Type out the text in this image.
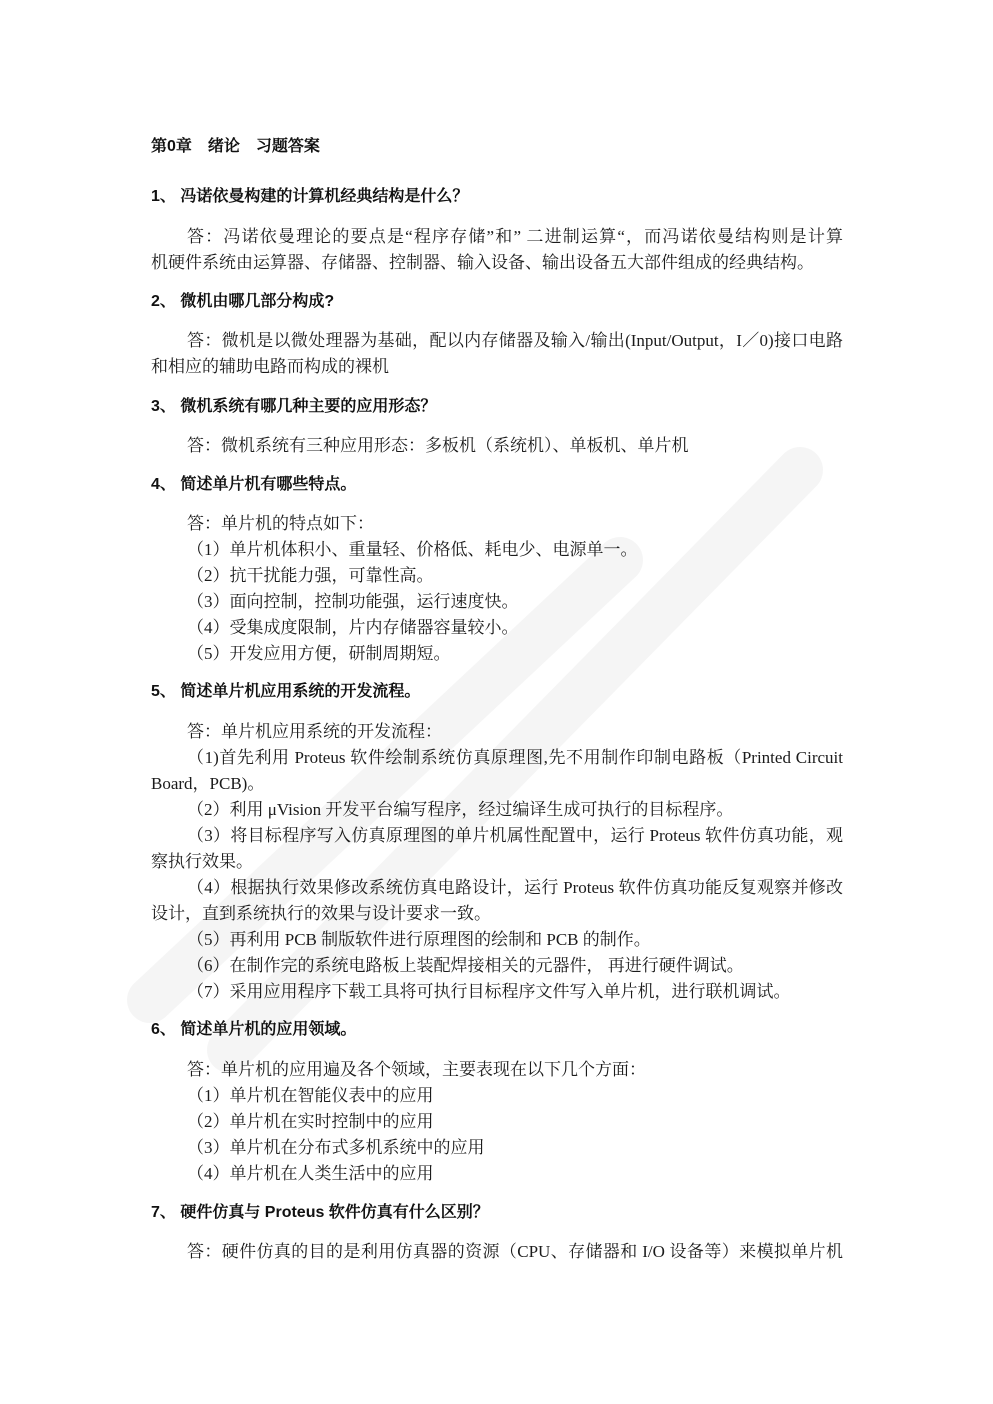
第0章　绪论　习题答案
1、 冯诺依曼构建的计算机经典结构是什么？
答：冯诺依曼理论的要点是“程序存储”和” 二进制运算“，而冯诺依曼结构则是计算
机硬件系统由运算器、存储器、控制器、输入设备、输出设备五大部件组成的经典结构。
2、 微机由哪几部分构成?
答：微机是以微处理器为基础，配以内存储器及输入/输出(Input/Output，I／0)接口电路
和相应的辅助电路而构成的裸机
3、 微机系统有哪几种主要的应用形态？
答：微机系统有三种应用形态：多板机（系统机）、单板机、单片机
4、 简述单片机有哪些特点。
答：单片机的特点如下：
（1）单片机体积小、重量轻、价格低、耗电少、电源单一。
（2）抗干扰能力强，可靠性高。
（3）面向控制，控制功能强，运行速度快。
（4）受集成度限制，片内存储器容量较小。
（5）开发应用方便，研制周期短。
5、 简述单片机应用系统的开发流程。
答：单片机应用系统的开发流程：
（1)首先利用 Proteus 软件绘制系统仿真原理图,先不用制作印制电路板（Printed Circuit
Board，PCB)。
（2）利用 μVision 开发平台编写程序，经过编译生成可执行的目标程序。
（3）将目标程序写入仿真原理图的单片机属性配置中，运行 Proteus 软件仿真功能，观
察执行效果。
（4）根据执行效果修改系统仿真电路设计，运行 Proteus 软件仿真功能反复观察并修改
设计，直到系统执行的效果与设计要求一致。
（5）再利用 PCB 制版软件进行原理图的绘制和 PCB 的制作。
（6）在制作完的系统电路板上装配焊接相关的元器件， 再进行硬件调试。
（7）采用应用程序下载工具将可执行目标程序文件写入单片机，进行联机调试。
6、 简述单片机的应用领域。
答：单片机的应用遍及各个领域，主要表现在以下几个方面：
（1）单片机在智能仪表中的应用
（2）单片机在实时控制中的应用
（3）单片机在分布式多机系统中的应用
（4）单片机在人类生活中的应用
7、 硬件仿真与 Proteus 软件仿真有什么区别？
答：硬件仿真的目的是利用仿真器的资源（CPU、存储器和 I/O 设备等）来模拟单片机
